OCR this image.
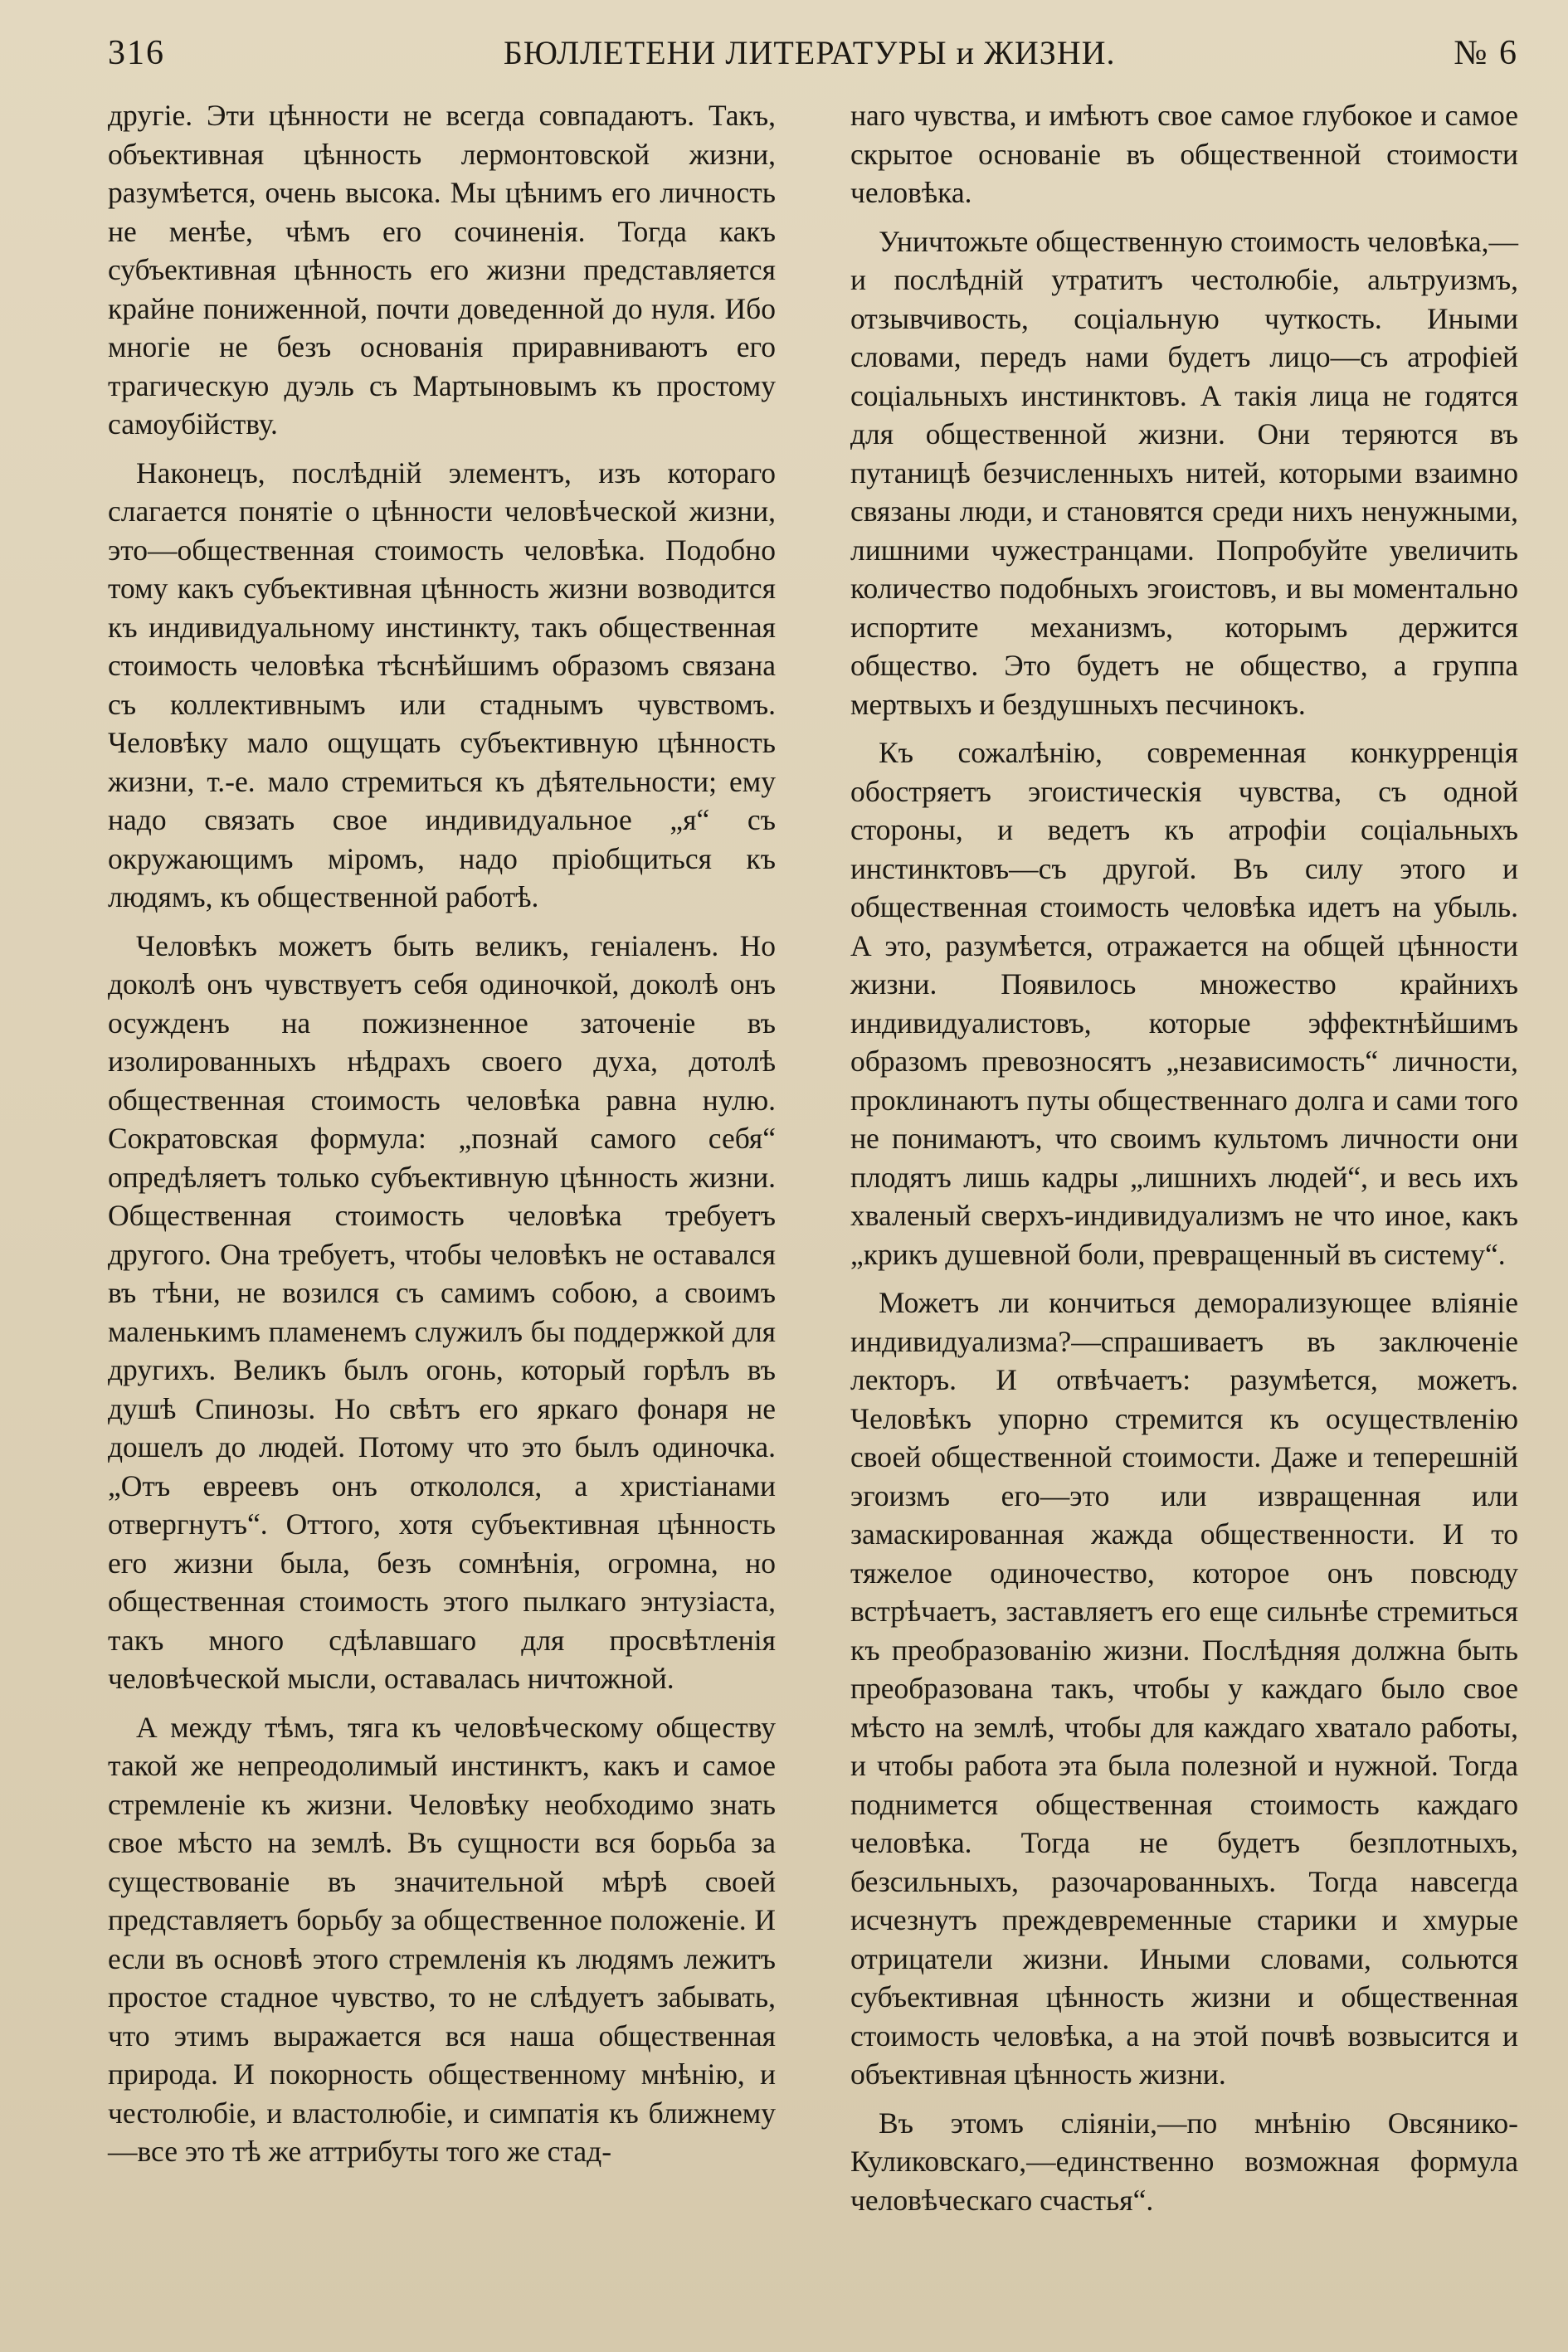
316	БЮЛЛЕТЕНИ ЛИТЕРАТУРЫ и ЖИЗНИ.	№ 6

другіе. Эти цѣнности не всегда совпадаютъ. Такъ, объективная цѣнность лермонтовской жизни, разумѣется, очень высока. Мы цѣнимъ его личность не менѣе, чѣмъ его сочиненія. Тогда какъ субъективная цѣнность его жизни представляется крайне пониженной, почти доведенной до нуля. Ибо многіе не безъ основанія приравниваютъ его трагическую дуэль съ Мартыновымъ къ простому самоубійству.

Наконецъ, послѣдній элементъ, изъ котораго слагается понятіе о цѣнности человѣческой жизни, это—общественная стоимость человѣка. Подобно тому какъ субъективная цѣнность жизни возводится къ индивидуальному инстинкту, такъ общественная стоимость человѣка тѣснѣйшимъ образомъ связана съ коллективнымъ или стаднымъ чувствомъ. Человѣку мало ощущать субъективную цѣнность жизни, т.-е. мало стремиться къ дѣятельности; ему надо связать свое индивидуальное „я“ съ окружающимъ міромъ, надо пріобщиться къ людямъ, къ общественной работѣ.

Человѣкъ можетъ быть великъ, геніаленъ. Но доколѣ онъ чувствуетъ себя одиночкой, доколѣ онъ осужденъ на пожизненное заточеніе въ изолированныхъ нѣдрахъ своего духа, дотолѣ общественная стоимость человѣка равна нулю. Сократовская формула: „познай самого себя“ опредѣляетъ только субъективную цѣнность жизни. Общественная стоимость человѣка требуетъ другого. Она требуетъ, чтобы человѣкъ не оставался въ тѣни, не возился съ самимъ собою, а своимъ маленькимъ пламенемъ служилъ бы поддержкой для другихъ. Великъ былъ огонь, который горѣлъ въ душѣ Спинозы. Но свѣтъ его яркаго фонаря не дошелъ до людей. Потому что это былъ одиночка. „Отъ евреевъ онъ откололся, а христіанами отвергнутъ“. Оттого, хотя субъективная цѣнность его жизни была, безъ сомнѣнія, огромна, но общественная стоимость этого пылкаго энтузіаста, такъ много сдѣлавшаго для просвѣтленія человѣческой мысли, оставалась ничтожной.

А между тѣмъ, тяга къ человѣческому обществу такой же непреодолимый инстинктъ, какъ и самое стремленіе къ жизни. Человѣку необходимо знать свое мѣсто на землѣ. Въ сущности вся борьба за существованіе въ значительной мѣрѣ своей представляетъ борьбу за общественное положеніе. И если въ основѣ этого стремленія къ людямъ лежитъ простое стадное чувство, то не слѣдуетъ забывать, что этимъ выражается вся наша общественная природа. И покорность общественному мнѣнію, и честолюбіе, и властолюбіе, и симпатія къ ближнему—все это тѣ же аттрибуты того же стад-

наго чувства, и имѣютъ свое самое глубокое и самое скрытое основаніе въ общественной стоимости человѣка.

Уничтожьте общественную стоимость человѣка,—и послѣдній утратитъ честолюбіе, альтруизмъ, отзывчивость, соціальную чуткость. Иными словами, передъ нами будетъ лицо—съ атрофіей соціальныхъ инстинктовъ. А такія лица не годятся для общественной жизни. Они теряются въ путаницѣ безчисленныхъ нитей, которыми взаимно связаны люди, и становятся среди нихъ ненужными, лишними чужестранцами. Попробуйте увеличить количество подобныхъ эгоистовъ, и вы моментально испортите механизмъ, которымъ держится общество. Это будетъ не общество, а группа мертвыхъ и бездушныхъ песчинокъ.

Къ сожалѣнію, современная конкурренція обостряетъ эгоистическія чувства, съ одной стороны, и ведетъ къ атрофіи соціальныхъ инстинктовъ—съ другой. Въ силу этого и общественная стоимость человѣка идетъ на убыль. А это, разумѣется, отражается на общей цѣнности жизни. Появилось множество крайнихъ индивидуалистовъ, которые эффектнѣйшимъ образомъ превозносятъ „независимость“ личности, проклинаютъ путы общественнаго долга и сами того не понимаютъ, что своимъ культомъ личности они плодятъ лишь кадры „лишнихъ людей“, и весь ихъ хваленый сверхъ-индивидуализмъ не что иное, какъ „крикъ душевной боли, превращенный въ систему“.

Можетъ ли кончиться деморализующее вліяніе индивидуализма?—спрашиваетъ въ заключеніе лекторъ. И отвѣчаетъ: разумѣется, можетъ. Человѣкъ упорно стремится къ осуществленію своей общественной стоимости. Даже и теперешній эгоизмъ его—это или извращенная или замаскированная жажда общественности. И то тяжелое одиночество, которое онъ повсюду встрѣчаетъ, заставляетъ его еще сильнѣе стремиться къ преобразованію жизни. Послѣдняя должна быть преобразована такъ, чтобы у каждаго было свое мѣсто на землѣ, чтобы для каждаго хватало работы, и чтобы работа эта была полезной и нужной. Тогда поднимется общественная стоимость каждаго человѣка. Тогда не будетъ безплотныхъ, безсильныхъ, разочарованныхъ. Тогда навсегда исчезнутъ преждевременные старики и хмурые отрицатели жизни. Иными словами, сольются субъективная цѣнность жизни и общественная стоимость человѣка, а на этой почвѣ возвысится и объективная цѣнность жизни.

Въ этомъ сліяніи,—по мнѣнію Овсянико-Куликовскаго,—единственно возможная формула человѣческаго счастья“.
